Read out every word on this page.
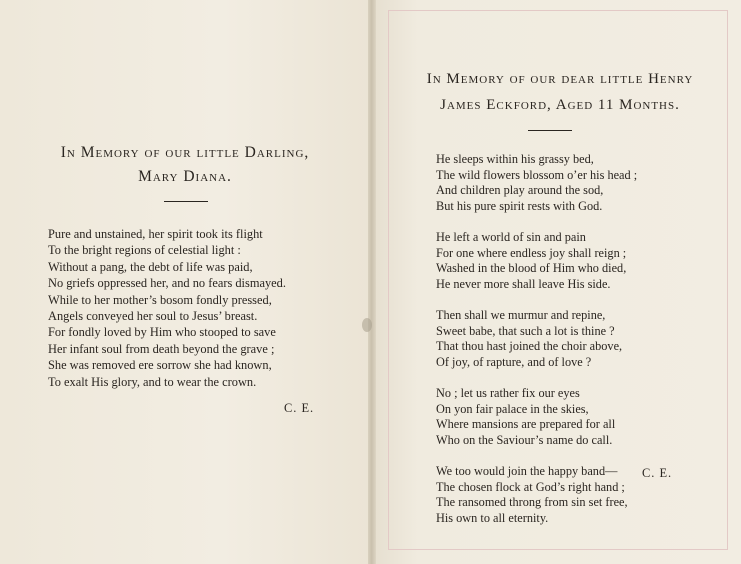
In Memory of our little Darling,
Mary Diana.
Pure and unstained, her spirit took its flight
To the bright regions of celestial light :
Without a pang, the debt of life was paid,
No griefs oppressed her, and no fears dismayed.
While to her mother’s bosom fondly pressed,
Angels conveyed her soul to Jesus’ breast.
For fondly loved by Him who stooped to save
Her infant soul from death beyond the grave ;
She was removed ere sorrow she had known,
To exalt His glory, and to wear the crown.
C. E.
In Memory of our dear little Henry
James Eckford, Aged 11 Months.
He sleeps within his grassy bed,
The wild flowers blossom o’er his head ;
And children play around the sod,
But his pure spirit rests with God.
He left a world of sin and pain
For one where endless joy shall reign ;
Washed in the blood of Him who died,
He never more shall leave His side.
Then shall we murmur and repine,
Sweet babe, that such a lot is thine ?
That thou hast joined the choir above,
Of joy, of rapture, and of love ?
No ; let us rather fix our eyes
On yon fair palace in the skies,
Where mansions are prepared for all
Who on the Saviour’s name do call.
We too would join the happy band—
The chosen flock at God’s right hand ;
The ransomed throng from sin set free,
His own to all eternity.
C. E.
